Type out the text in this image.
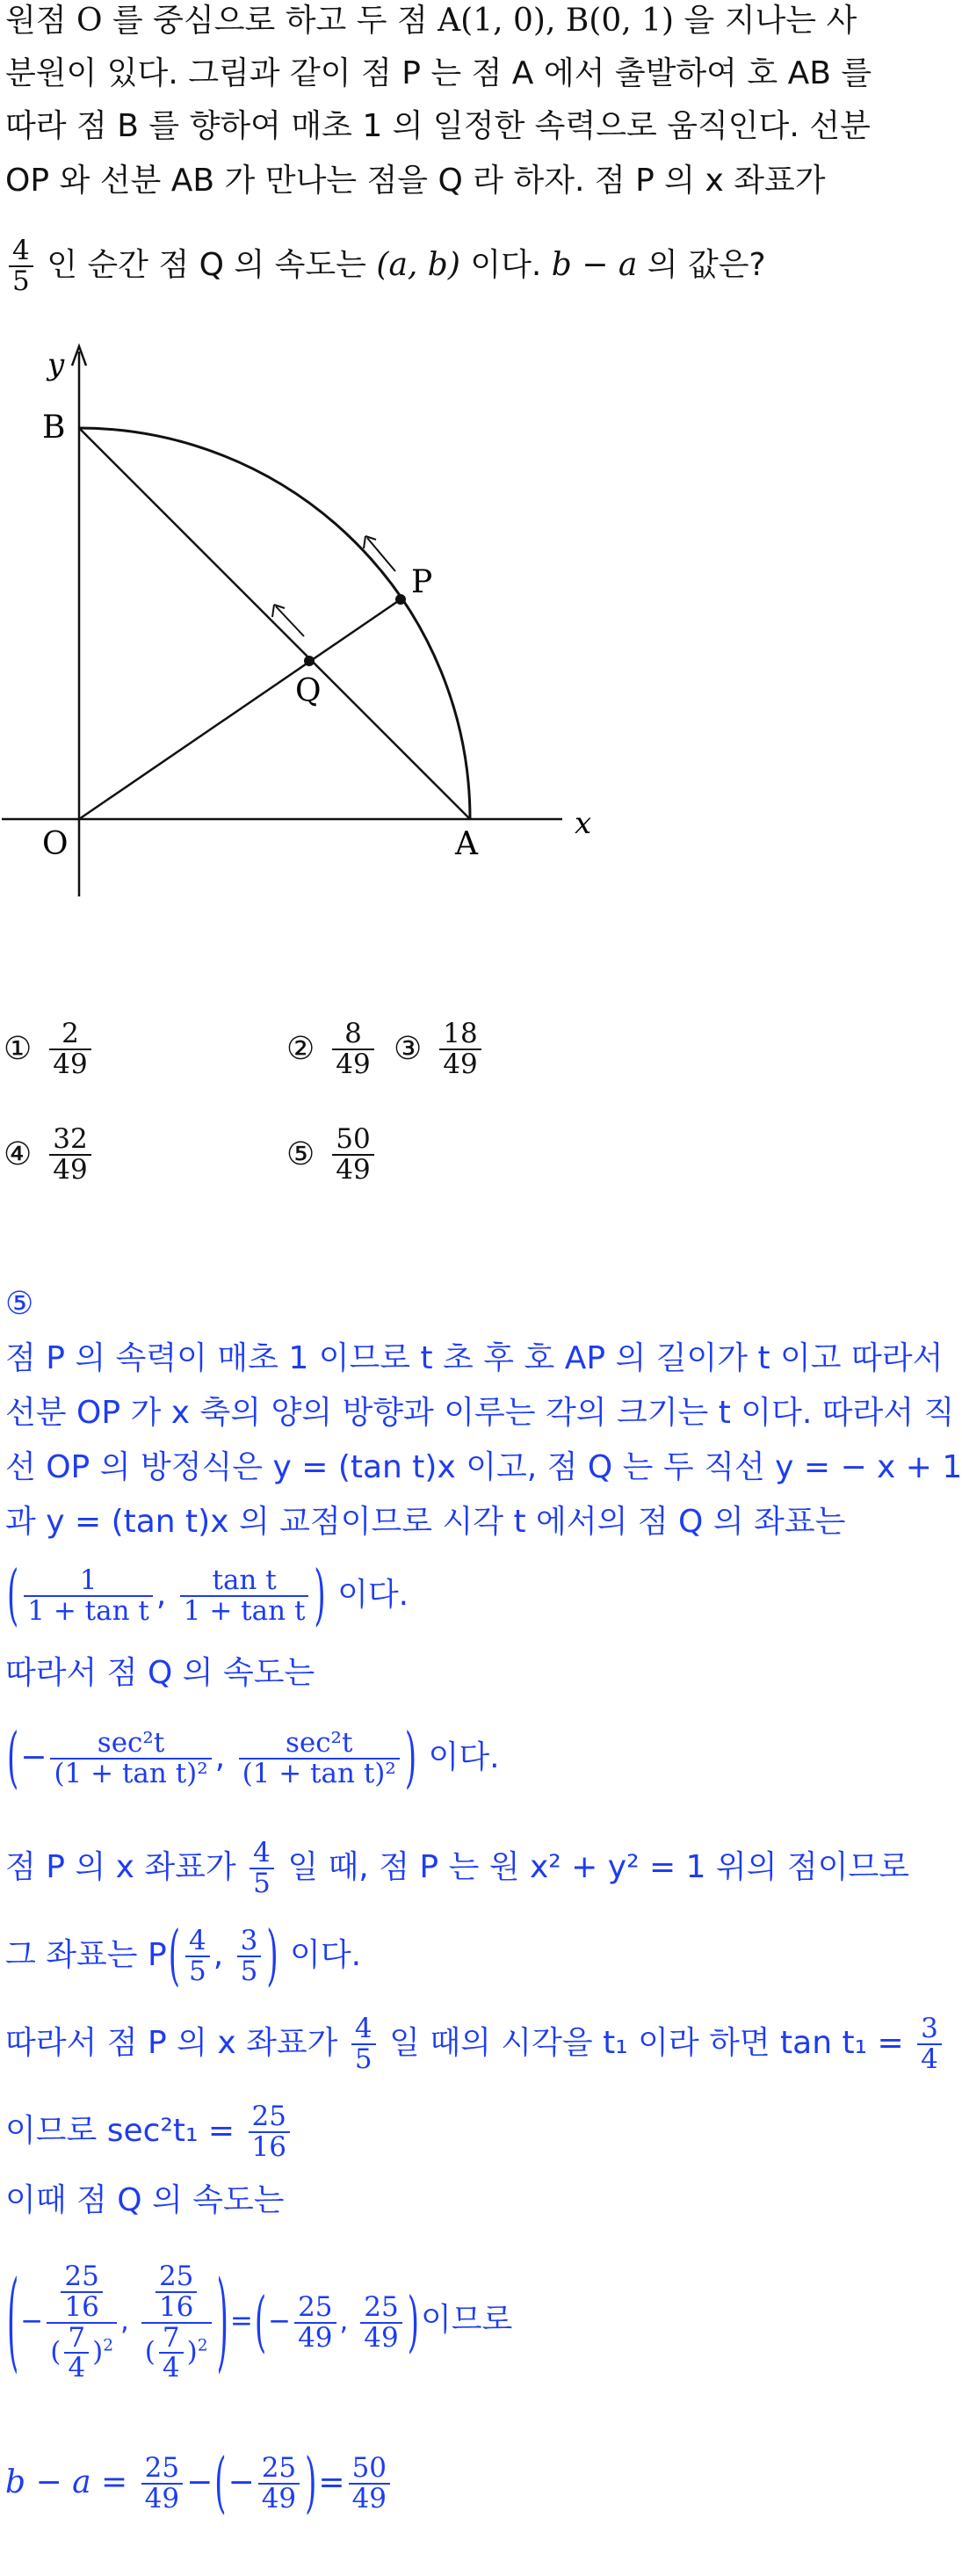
원점 O 를 중심으로 하고 두 점 A(1, 0), B(0, 1) 을 지나는 사
분원이 있다. 그림과 같이 점 P 는 점 A 에서 출발하여 호 AB 를
따라 점 B 를 향하여 매초 1 의 일정한 속력으로 움직인다. 선분
OP 와 선분 AB 가 만나는 점을 Q 라 하자. 점 P 의 x 좌표가
$\frac{4}{5}$ 인 순간 점 Q 의 속도는 (a, b) 이다. b − a 의 값은?
y
x
B
P
Q
O	A
① $\frac{2}{49}$	② $\frac{8}{49}$ ③ $\frac{18}{49}$
④ $\frac{32}{49}$	⑤ $\frac{50}{49}$
⑤
점 P 의 속력이 매초 1 이므로 t 초 후 호 AP 의 길이가 t 이고 따라서
선분 OP 가 x 축의 양의 방향과 이루는 각의 크기는 t 이다. 따라서 직
선 OP 의 방정식은 y = (tan t)x 이고, 점 Q 는 두 직선 y = − x + 1
과 y = (tan t)x 의 교점이므로 시각 t 에서의 점 Q 의 좌표는
( $\frac{1}{\text{1 + tan t}}$ , $\frac{\text{tan t}}{\text{1 + tan t}}$ ) 이다.
따라서 점 Q 의 속도는
(− $\frac{\text{sec²t}}{\text{(1 + tan t)²}}$ , $\frac{\text{sec²t}}{\text{(1 + tan t)²}}$ ) 이다.
점 P 의 x 좌표가 $\frac{4}{5}$ 일 때, 점 P 는 원 x² + y² = 1 위의 점이므로
그 좌표는 $P( \frac{4}{5}$ , $\frac{3}{5}$ ) 이다.
따라서 점 P 의 x 좌표가 $\frac{4}{5}$ 일 때의 시각을 t₁ 이라 하면 $\tan t_1 = \frac{3}{4}$
이므로 $\sec^2t_1 = \frac{25}{16}$
이때 점 Q 의 속도는
(− $\frac{\frac{25}{16}}{( \frac{7}{4} )^2}$ , $\frac{\frac{25}{16}}{( \frac{7}{4} )^2}$ )=(− $\frac{25}{49}$ , $\frac{25}{49}$ )이므로
$b - a = \frac{25}{49}$ −(− $\frac{25}{49}$ )= $\frac{50}{49}$
